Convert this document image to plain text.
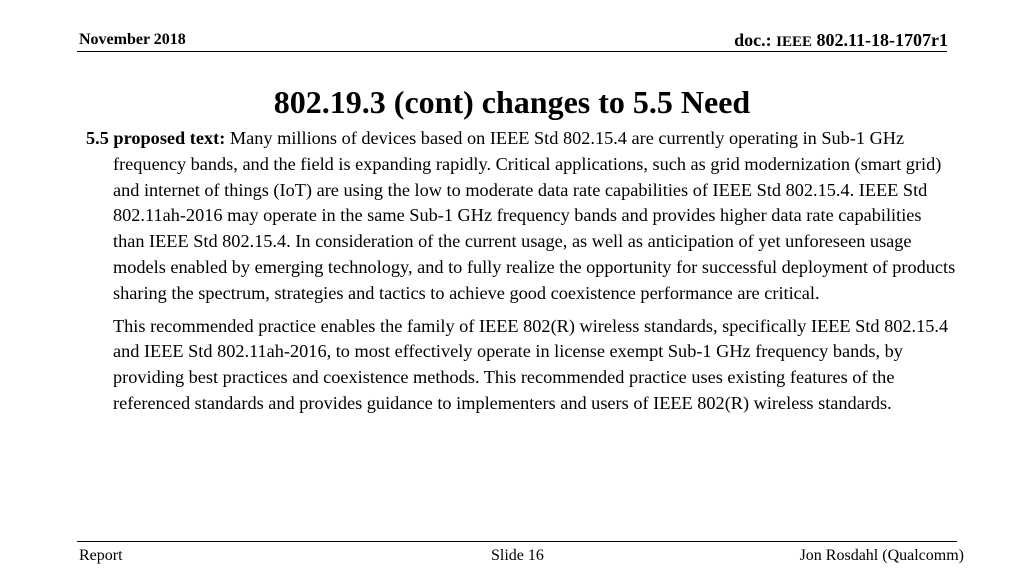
November 2018	doc.: IEEE 802.11-18-1707r1
802.19.3 (cont) changes to 5.5 Need

5.5 proposed text: Many millions of devices based on IEEE Std 802.15.4 are currently operating in Sub-1 GHz frequency bands, and the field is expanding rapidly. Critical applications, such as grid modernization (smart grid) and internet of things (IoT) are using the low to moderate data rate capabilities of IEEE Std 802.15.4. IEEE Std 802.11ah-2016 may operate in the same Sub-1 GHz frequency bands and provides higher data rate capabilities than IEEE Std 802.15.4. In consideration of the current usage, as well as anticipation of yet unforeseen usage models enabled by emerging technology, and to fully realize the opportunity for successful deployment of products sharing the spectrum, strategies and tactics to achieve good coexistence performance are critical.

This recommended practice enables the family of IEEE 802(R) wireless standards, specifically IEEE Std 802.15.4 and IEEE Std 802.11ah-2016, to most effectively operate in license exempt Sub-1 GHz frequency bands, by providing best practices and coexistence methods. This recommended practice uses existing features of the referenced standards and provides guidance to implementers and users of IEEE 802(R) wireless standards.

Report	Slide 16	Jon Rosdahl (Qualcomm)
